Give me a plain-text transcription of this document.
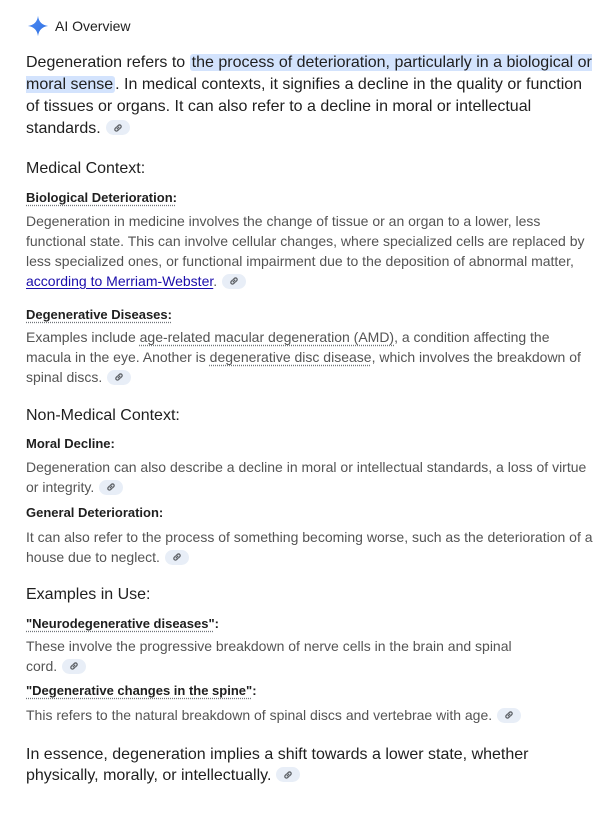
AI Overview

Degeneration refers to the process of deterioration, particularly in a biological or moral sense . In medical contexts, it signifies a decline in the quality or function of tissues or organs. It can also refer to a decline in moral or intellectual standards.

Medical Context:
Biological Deterioration:

Degeneration in medicine involves the change of tissue or an organ to a lower, less functional state. This can involve cellular changes, where specialized cells are replaced by less specialized ones, or functional impairment due to the deposition of abnormal matter, according to Merriam-Webster.

Degenerative Diseases:

Examples include age-related macular degeneration (AMD), a condition affecting the macula in the eye. Another is degenerative disc disease, which involves the breakdown of spinal discs.

Non-Medical Context:
Moral Decline:

Degeneration can also describe a decline in moral or intellectual standards, a loss of virtue or integrity.

General Deterioration:

It can also refer to the process of something becoming worse, such as the deterioration of a house due to neglect.

Examples in Use:
"Neurodegenerative diseases":

These involve the progressive breakdown of nerve cells in the brain and spinal cord.

"Degenerative changes in the spine":

This refers to the natural breakdown of spinal discs and vertebrae with age.

In essence, degeneration implies a shift towards a lower state, whether physically, morally, or intellectually.
